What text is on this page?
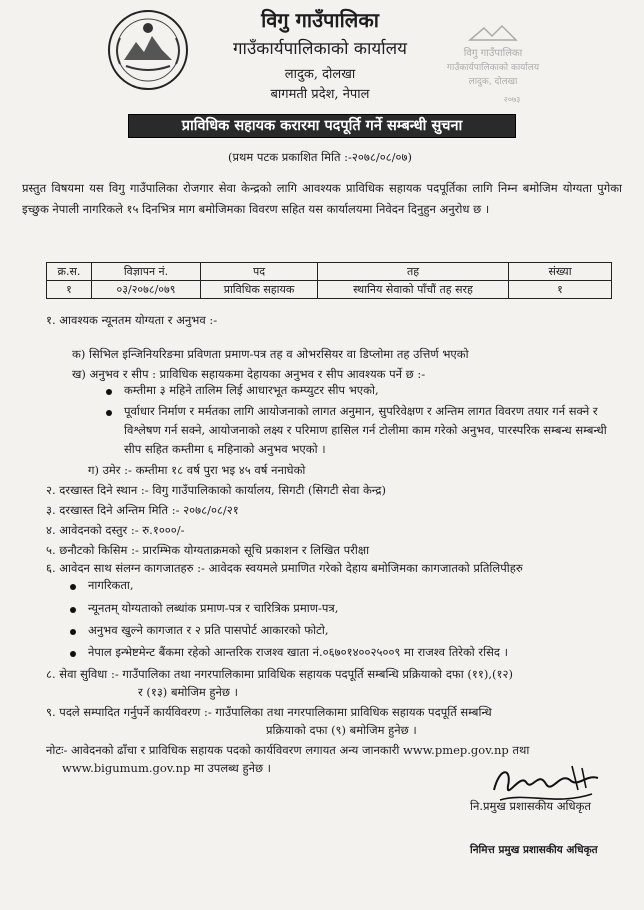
विगु गाउँपालिका
गाउँकार्यपालिकाको कार्यालय
लादुक, दोलखा
२०७३
विगु गाउँपालिका
गाउँकार्यपालिकाको कार्यालय
लादुक, दोलखा
बागमती प्रदेश, नेपाल
प्राविधिक सहायक करारमा पदपूर्ति गर्ने सम्बन्धी सुचना
(प्रथम पटक प्रकाशित मिति :-२०७८/०८/०७)
प्रस्तुत विषयमा यस विगु गाउँपालिका रोजगार सेवा केन्द्रको लागि आवश्यक प्राविधिक सहायक पदपूर्तिका लागि निम्न बमोजिम योग्यता पुगेका इच्छुक नेपाली नागरिकले १५ दिनभित्र माग बमोजिमका विवरण सहित यस कार्यालयमा निवेदन दिनुहुन अनुरोध छ ।
क्र.स.	विज्ञापन नं.	पद	तह	संख्या
१	०३/२०७८/०७९	प्राविधिक सहायक	स्थानिय सेवाको पाँचौं तह सरह	१
१. आवश्यक न्यूनतम योग्यता र अनुभव :-
क) सिभिल इन्जिनियरिङमा प्रविणता प्रमाण-पत्र तह व ओभरसियर वा डिप्लोमा तह उत्तिर्ण भएको
ख) अनुभव र सीप : प्राविधिक सहायकमा देहायका अनुभव र सीप आवश्यक पर्ने छ :-
कम्तीमा ३ महिने तालिम लिई आधारभूत कम्प्युटर सीप भएको,
पूर्वाधार निर्माण र मर्मतका लागि आयोजनाको लागत अनुमान, सुपरिवेक्षण र अन्तिम लागत विवरण तयार गर्न सक्ने र विश्लेषण गर्न सक्ने, आयोजनाको लक्ष्य र परिमाण हासिल गर्न टोलीमा काम गरेको अनुभव, पारस्परिक सम्बन्ध सम्बन्धी सीप सहित कम्तीमा ६ महिनाको अनुभव भएको ।
ग) उमेर :- कम्तीमा १८ वर्ष पुरा भइ ४५ वर्ष ननाघेको
२. दरखास्त दिने स्थान :- विगु गाउँपालिकाको कार्यालय, सिगटी (सिगटी सेवा केन्द्र)
३. दरखास्त दिने अन्तिम मिति :- २०७८/०८/२१
४. आवेदनको दस्तुर :- रु.१०००/-
५. छनौटको किसिम :- प्रारम्भिक योग्यताक्रमको सूचि प्रकाशन र लिखित परीक्षा
६. आवेदन साथ संलग्न कागजातहरु :- आवेदक स्वयमले प्रमाणित गरेको देहाय बमोजिमका कागजातको प्रतिलिपीहरु
नागरिकता,
न्यूनतम् योग्यताको लब्धांक प्रमाण-पत्र र चारित्रिक प्रमाण-पत्र,
अनुभव खुल्ने कागजात र २ प्रति पासपोर्ट आकारको फोटो,
नेपाल इन्भेष्टमेन्ट बैंकमा रहेको आन्तरिक राजश्व खाता नं.०६७०१४००२५००९ मा राजश्व तिरेको रसिद ।
८. सेवा सुविधा :- गाउँपालिका तथा नगरपालिकामा प्राविधिक सहायक पदपूर्ति सम्बन्धि प्रक्रियाको दफा (११),(१२)
र (१३) बमोजिम हुनेछ ।
९. पदले सम्पादित गर्नुपर्ने कार्यविवरण :- गाउँपालिका तथा नगरपालिकामा प्राविधिक सहायक पदपूर्ति सम्बन्धि
प्रक्रियाको दफा (९) बमोजिम हुनेछ ।
नोटः- आवेदनको ढाँचा र प्राविधिक सहायक पदको कार्यविवरण लगायत अन्य जानकारी www.pmep.gov.np तथा
www.bigumum.gov.np मा उपलब्ध हुनेछ ।
नि.प्रमुख प्रशासकीय अधिकृत
निमित्त प्रमुख प्रशासकीय अधिकृत
